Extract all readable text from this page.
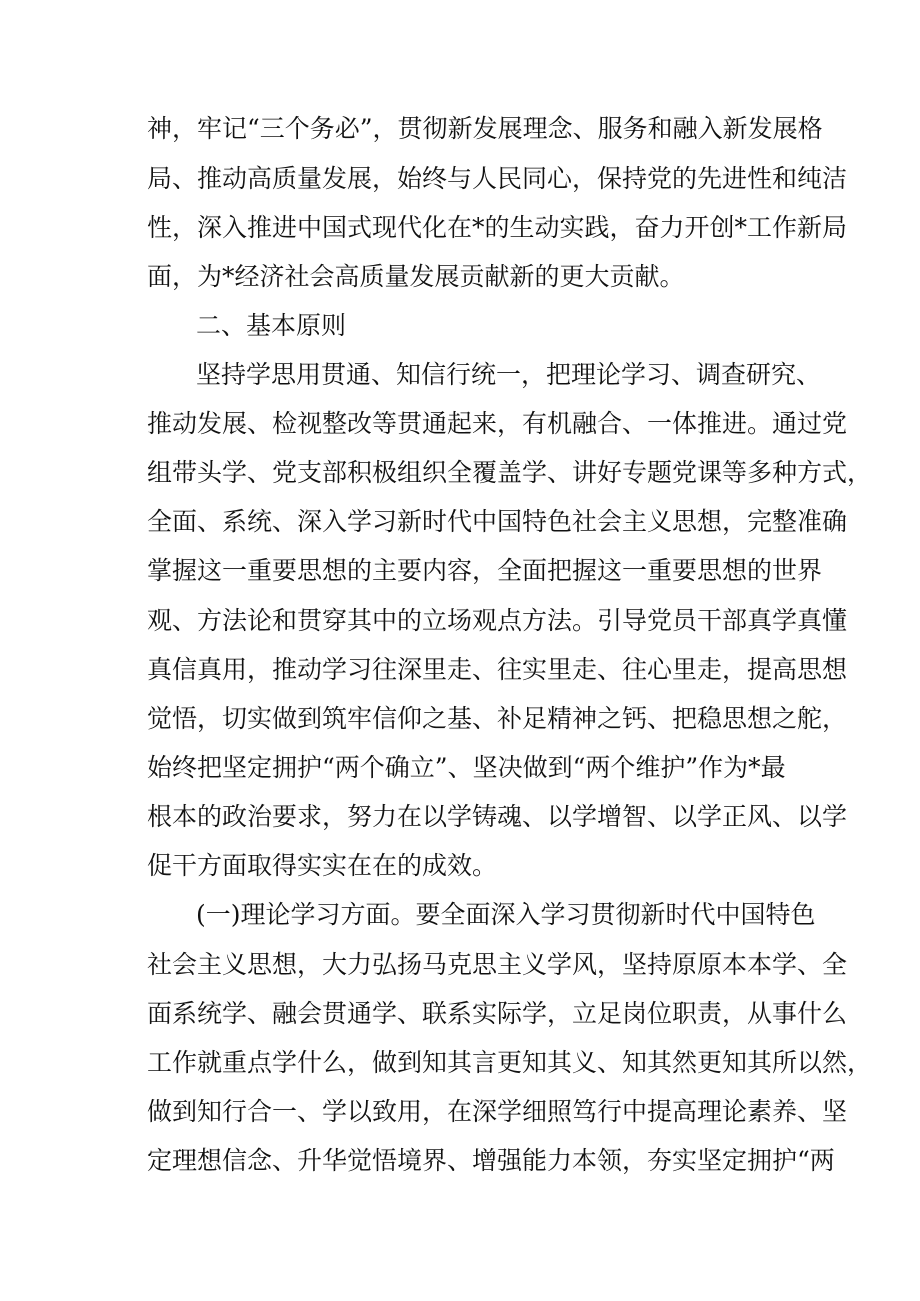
神，牢记“三个务必”，贯彻新发展理念、服务和融入新发展格
局、推动高质量发展，始终与人民同心，保持党的先进性和纯洁
性，深入推进中国式现代化在*的生动实践，奋力开创*工作新局
面，为*经济社会高质量发展贡献新的更大贡献。
二、基本原则
坚持学思用贯通、知信行统一，把理论学习、调查研究、
推动发展、检视整改等贯通起来，有机融合、一体推进。通过党
组带头学、党支部积极组织全覆盖学、讲好专题党课等多种方式，
全面、系统、深入学习新时代中国特色社会主义思想，完整准确
掌握这一重要思想的主要内容，全面把握这一重要思想的世界
观、方法论和贯穿其中的立场观点方法。引导党员干部真学真懂
真信真用，推动学习往深里走、往实里走、往心里走，提高思想
觉悟，切实做到筑牢信仰之基、补足精神之钙、把稳思想之舵，
始终把坚定拥护“两个确立”、坚决做到“两个维护”作为*最
根本的政治要求，努力在以学铸魂、以学增智、以学正风、以学
促干方面取得实实在在的成效。
(一)理论学习方面。要全面深入学习贯彻新时代中国特色
社会主义思想，大力弘扬马克思主义学风，坚持原原本本学、全
面系统学、融会贯通学、联系实际学，立足岗位职责，从事什么
工作就重点学什么，做到知其言更知其义、知其然更知其所以然，
做到知行合一、学以致用，在深学细照笃行中提高理论素养、坚
定理想信念、升华觉悟境界、增强能力本领，夯实坚定拥护“两
